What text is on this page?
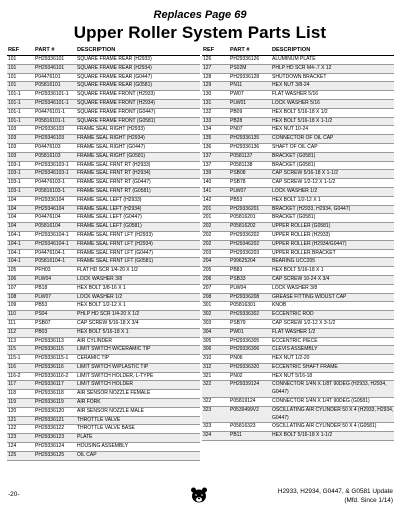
Replaces Page 69
Upper Roller System Parts List
REF	PART #	DESCRIPTION
101	PH29336101	SQUARE FRAME REAR (H2933)
101	PH29346101	SQUARE FRAME REAR (H2934)
101	P04476101	SQUARE FRAME REAR (G0447)
101	P05816101	SQUARE FRAME REAR (G0581)
101-1	PH29336101-1	SQUARE FRAME FRONT (H2933)
101-1	PH29346101-1	SQUARE FRAME FRONT (H2934)
101-1	P04476101-1	SQUARE FRAME FRONT (G0447)
101-1	P05816101-1	SQUARE FRAME FRONT (G0581)
103	PH29336103	FRAME SEAL RIGHT (H2933)
103	PH29346103	FRAME SEAL RIGHT (H2934)
103	P04476103	FRAME SEAL RIGHT (G0447)
103	P05816103	FRAME SEAL RIGHT (G0581)
103-1	PH29336103-1	FRAME SEAL FRNT RT (H2933)
103-1	PH29346103-1	FRAME SEAL FRNT RT (H2934)
103-1	P04476103-1	FRAME SEAL FRNT RT (G0447)
103-1	P05816103-1	FRAME SEAL FRNT RT (G0581)
104	PH29336104	FRAME SEAL LEFT (H2933)
104	PH29346104	FRAME SEAL LEFT (H2934)
104	P04476104	FRAME SEAL LEFT (G0447)
104	P05816104	FRAME SEAL LEFT (G0581)
104-1	PH29336104-1	FRAME SEAL FRNT LFT (H2933)
104-1	PH29346104-1	FRAME SEAL FRNT LFT (H2934)
104-1	P04476104-1	FRAME SEAL FRNT LFT (G0447)
104-1	P05816104-1	FRAME SEAL FRNT LFT (G0581)
105	PFH03	FLAT HD SCR 1/4-20 X 1/2
106	PLW04	LOCK WASHER 3/8
107	PB18	HEX BOLT 3/8-16 X 1
108	PLW07	LOCK WASHER 1/2
109	PB53	HEX BOLT 1/2-12 X 1
110	PS04	PHLP HD SCR 1/4-20 X 1/2
111	PSB07	CAP SCREW 5/16-18 X 3/4
112	PB03	HEX BOLT 5/16-18 X 1
113	PH29336113	AIR CYLINDER
115	PH29336115	LIMIT SWITCH W/CERAMIC TIP
115-1	PH29336115-1	CERAMIC TIP
116	PH29336116	LIMIT SWITCH W/PLASTIC TIP
116-2	PH29336116-2	LIMIT SWITCH HOLDER, L-TYPE
117	PH29336117	LIMIT SWITCH HOLDER
118	PH29336118	AIR SENSOR NOZZLE FEMALE
119	PH29336119	AIR FORK
120	PH29336120	AIR SENSOR NOZZLE MALE
121	PH29336121	THROTTLE VALVE
122	PH29336122	THROTTLE VALVE BASE
123	PH29336123	PLATE
124	PH29336124	HOUSING ASSEMBLY
125	PH29336125	OIL CAP
REF	PART #	DESCRIPTION
126	PH29336126	ALUMINUM PLATE
127	PS02M	PHLP HD SCR M4-.7 X 12
128	PH29336128	SHUTDOWN BRACKET
129	PN11	HEX NUT 3/8-24
130	PW07	FLAT WASHER 5/16
131	PLW01	LOCK WASHER 5/16
132	PB09	HEX BOLT 5/16-18 X 1/2
133	PB28	HEX BOLT 5/16-18 X 1-1/2
134	PN07	HEX NUT 10-24
135	PH29336135	CONNECTOR OF OIL CAP
136	PH29336136	SHAFT OF OIL CAP
137	P0581137	BRACKET (G0581)
137	P0581138	BRACKET (G0581)
139	PSB08	CAP SCREW 5/16-18 X 1-1/2
140	PSB78	CAP SCREW 1/2-12 X 1-1/2
141	PLW07	LOCK WASHER 1/2
142	PB53	HEX BOLT 1/2-12 X 1
201	PH29336201	BRACKET (H2933, H2934, G0447)
201	P05816201	BRACKET (G0581)
202	P05816202	UPPER ROLLER (G0581)
202	PH29336202	UPPER ROLLER (H2933)
202	PH29346202	UPPER ROLLER (H2934/G0447)
203	PH29336203	UPPER ROLLER BRACKET
204	P99625204	BEARING UCC205
205	PB83	HEX BOLT 5/16-18 X 1
206	PSB33	CAP SCREW 10-24 X 3/4
207	PLW04	LOCK WASHER 3/8
208	PH29336208	GREASE FITTING W/DUST CAP
301	P05816301	KNOB
302	PH29336302	ECCENTRIC ROD
303	PSB79	CAP SCREW 1/2-12 X 3-1/2
304	PW01	FLAT WASHER 1/2
305	PH29336305	ECCENTRIC PIECE
306	PH29336306	CLEVIS ASSEMBLY
310	PN06	HEX NUT 1/2-20
312	PH29336320	ECCENTRIC SHAFT FRAME
321	PN02	HEX NUT 5/16-18
322	PH29339124	CONNECTOR 1/4N X 1/8T 90DEG (H2933, H2934, G0447)
322	P05819124	CONNECTOR 1/4N X 1/4T 90DEG (G0581)
323	P0539499V2	OSCILLATING AIR CYLINDER 50 X 4 (H2933, H2934, G0447)
323	P05816323	OSCILLATING AIR CYLINDER 50 X 4 (G0581)
324	PB11	HEX BOLT 5/16-18 X 1-1/2
-20-	H2933, H2934, G0447, & G0581 Update
(Mfd. Since 1/14)
